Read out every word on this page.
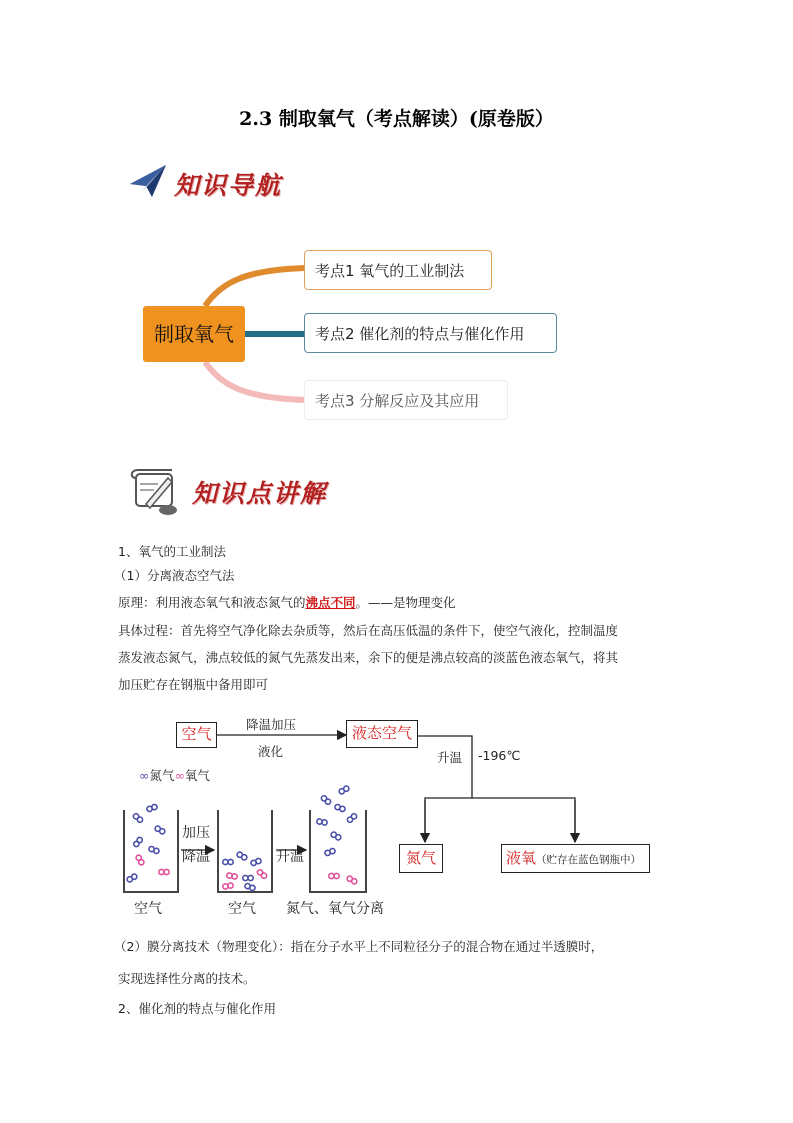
2.3 制取氧气（考点解读）(原卷版）
知识导航
制取氧气
考点1 氧气的工业制法
考点2 催化剂的特点与催化作用
考点3 分解反应及其应用
知识点讲解
1、氧气的工业制法
（1）分离液态空气法
原理：利用液态氧气和液态氮气的沸点不同。——是物理变化
具体过程：首先将空气净化除去杂质等，然后在高压低温的条件下，使空气液化，控制温度
蒸发液态氮气，沸点较低的氮气先蒸发出来，余下的便是沸点较高的淡蓝色液态氧气，将其
加压贮存在钢瓶中备用即可
空气
降温加压
液化
液态空气
升温 -196℃
氮气	液氧（贮存在蓝色钢瓶中）
∞氮气∞氧气
加压
降温	升温
空气	空气 氮气、氧气分离
（2）膜分离技术（物理变化）：指在分子水平上不同粒径分子的混合物在通过半透膜时，
实现选择性分离的技术。
2、催化剂的特点与催化作用
